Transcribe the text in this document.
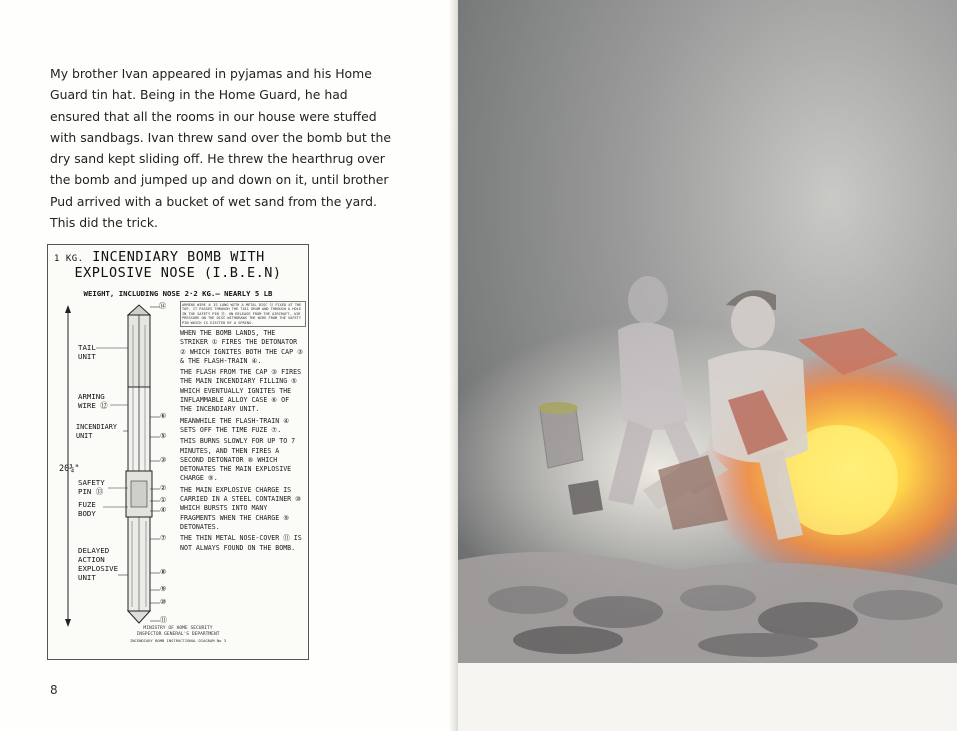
My brother Ivan appeared in pyjamas and his Home Guard tin hat. Being in the Home Guard, he had ensured that all the rooms in our house were stuffed with sandbags. Ivan threw sand over the bomb but the dry sand kept sliding off. He threw the hearthrug over the bomb and jumped up and down on it, until brother Pud arrived with a bucket of wet sand from the yard. This did the trick.

1 KG. INCENDIARY BOMB WITH
EXPLOSIVE NOSE (I.B.E.N)
WEIGHT, INCLUDING NOSE 2·2 KG.— NEARLY 5 LB
ARMING WIRE ② IS LONG WITH A METAL DISC ⑭ FIXED AT THE TOP. IT PASSES THROUGH THE TAIL DRUM AND THROUGH A HOLE IN THE SAFETY PIN ⑬. ON RELEASE FROM THE AIRCRAFT, AIR PRESSURE ON THE DISC WITHDRAWS THE WIRE FROM THE SAFETY PIN WHICH IS EJECTED BY A SPRING.

WHEN THE BOMB LANDS, THE STRIKER ① FIRES THE DETONATOR ② WHICH IGNITES BOTH THE CAP ③ & THE FLASH-TRAIN ④.

THE FLASH FROM THE CAP ③ FIRES THE MAIN INCENDIARY FILLING ⑤ WHICH EVENTUALLY IGNITES THE INFLAMMABLE ALLOY CASE ⑥ OF THE INCENDIARY UNIT.

MEANWHILE THE FLASH-TRAIN ④ SETS OFF THE TIME FUZE ⑦.

THIS BURNS SLOWLY FOR UP TO 7 MINUTES, AND THEN FIRES A SECOND DETONATOR ⑧ WHICH DETONATES THE MAIN EXPLOSIVE CHARGE ⑨.

THE MAIN EXPLOSIVE CHARGE IS CARRIED IN A STEEL CONTAINER ⑩ WHICH BURSTS INTO MANY FRAGMENTS WHEN THE CHARGE ⑨ DETONATES.

THE THIN METAL NOSE-COVER ⑪ IS NOT ALWAYS FOUND ON THE BOMB.

TAIL
UNIT
ARMING
WIRE ⑫
INCENDIARY
UNIT
20¾"
SAFETY
PIN ⑬
FUZE
BODY
DELAYED
ACTION
EXPLOSIVE
UNIT
⑭
⑥
⑤
③
②
①
④
⑦
⑧
⑨
⑩
⑪
MINISTRY OF HOME SECURITY
INSPECTOR GENERAL'S DEPARTMENT
INCENDIARY BOMB INSTRUCTIONAL DIAGRAM No 3
8
